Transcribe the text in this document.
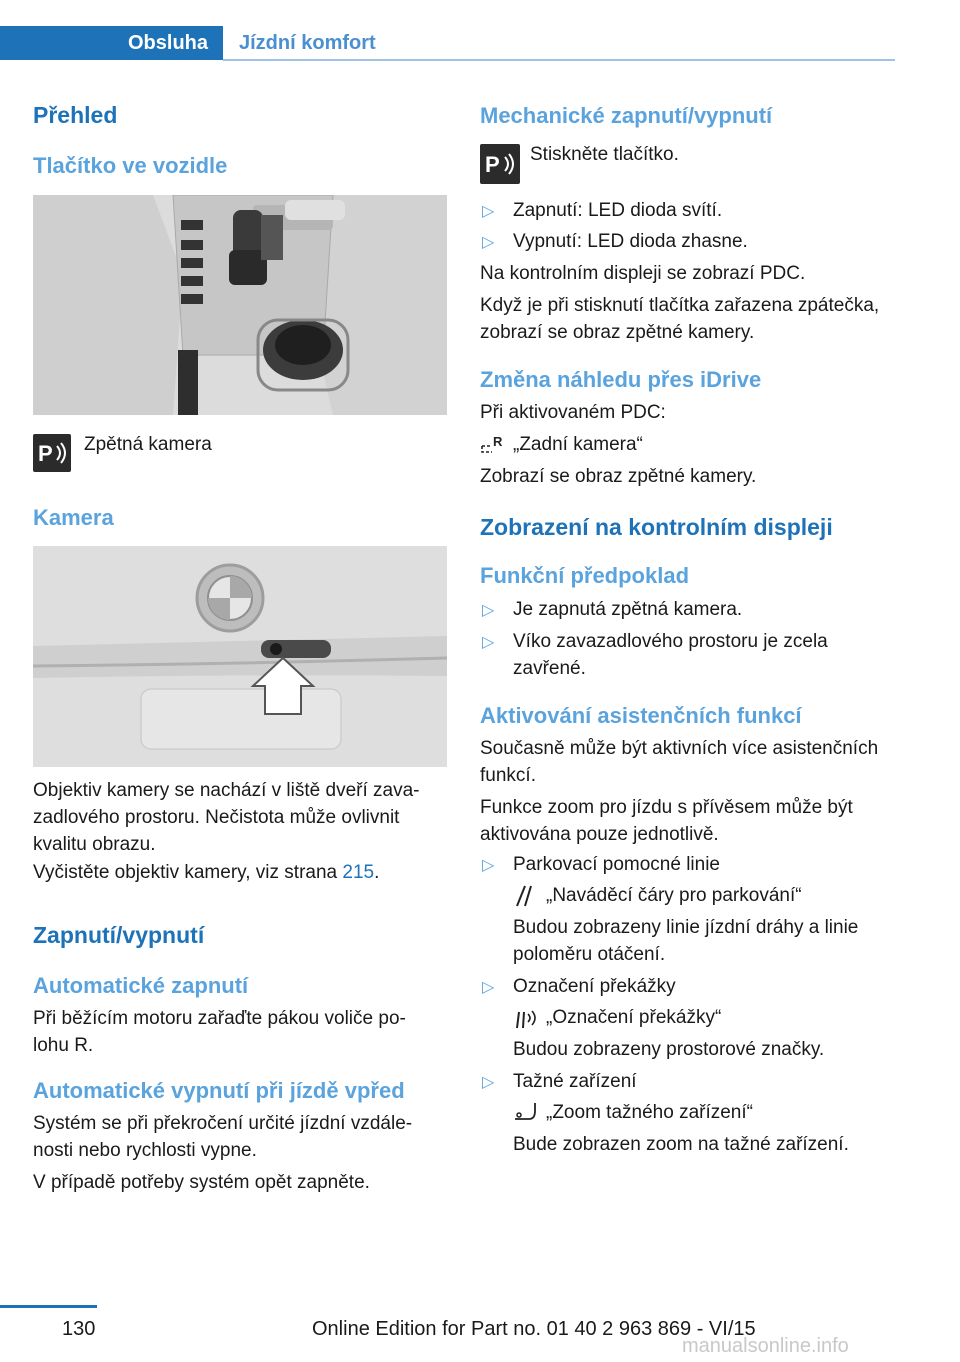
Obsluha Jízdní komfort
Přehled
Tlačítko ve vozidle
P Zpětná kamera
Kamera
Objektiv kamery se nachází v liště dveří zava‐
zadlového prostoru. Nečistota může ovlivnit
kvalitu obrazu.
Vyčistěte objektiv kamery, viz strana 215.
Zapnutí/vypnutí
Automatické zapnutí
Při běžícím motoru zařaďte pákou voliče po‐
lohu R.
Automatické vypnutí při jízdě vpřed
Systém se při překročení určité jízdní vzdále‐
nosti nebo rychlosti vypne.
V případě potřeby systém opět zapněte.
Mechanické zapnutí/vypnutí
P Stiskněte tlačítko.
▷ Zapnutí: LED dioda svítí.
▷ Vypnutí: LED dioda zhasne.
Na kontrolním displeji se zobrazí PDC.
Když je při stisknutí tlačítka zařazena zpátečka,
zobrazí se obraz zpětné kamery.
Změna náhledu přes iDrive
Při aktivovaném PDC:
R „Zadní kamera“
Zobrazí se obraz zpětné kamery.
Zobrazení na kontrolním displeji
Funkční předpoklad
▷ Je zapnutá zpětná kamera.
▷ Víko zavazadlového prostoru je zcela
zavřené.
Aktivování asistenčních funkcí
Současně může být aktivních více asistenčních
funkcí.
Funkce zoom pro jízdu s přívěsem může být
aktivována pouze jednotlivě.
▷ Parkovací pomocné linie
„Naváděcí čáry pro parkování“
Budou zobrazeny linie jízdní dráhy a linie
poloměru otáčení.
▷ Označení překážky
„Označení překážky“
Budou zobrazeny prostorové značky.
▷ Tažné zařízení
„Zoom tažného zařízení“
Bude zobrazen zoom na tažné zařízení.
130	Online Edition for Part no. 01 40 2 963 869 - VI/15
manualsonline.info
